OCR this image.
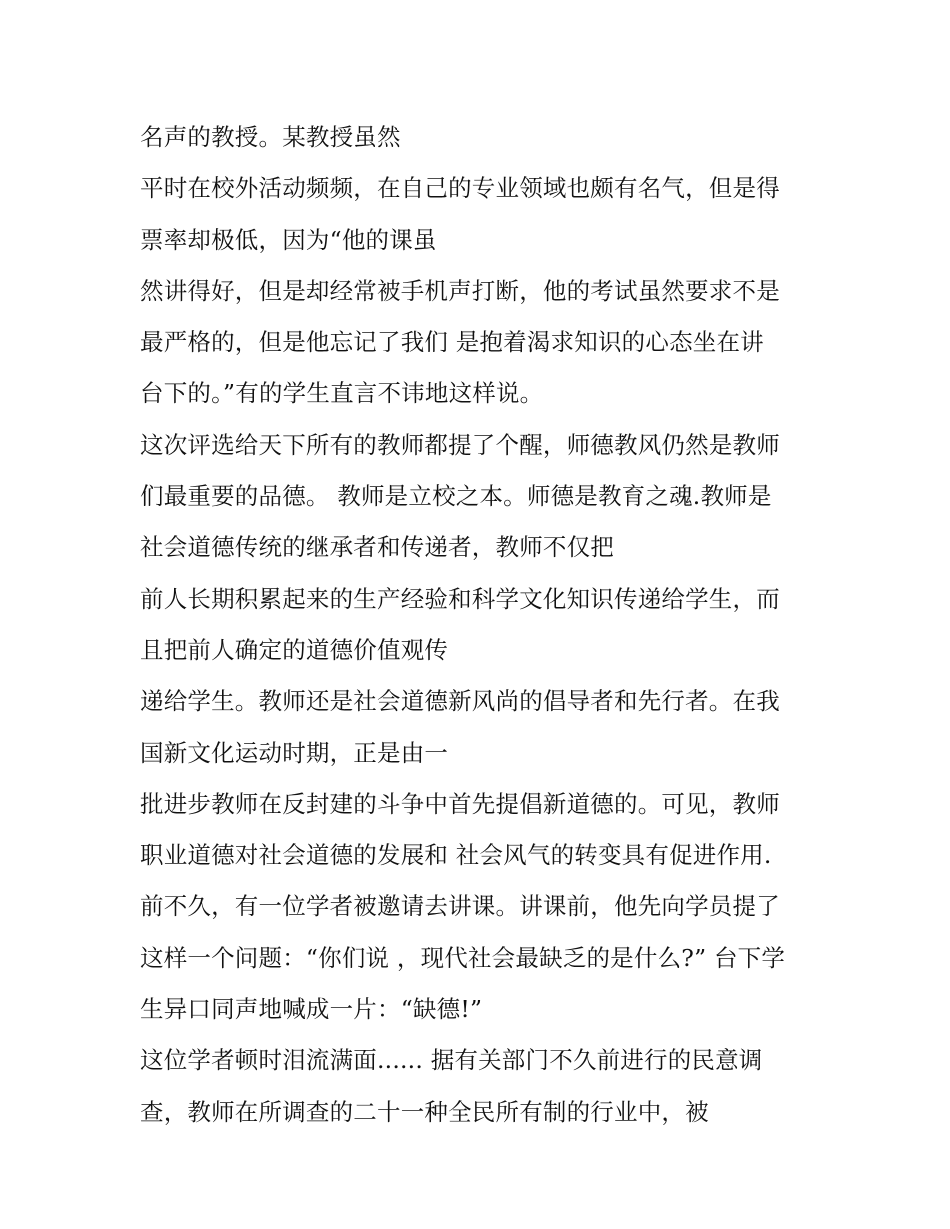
名声的教授。某教授虽然
平时在校外活动频频，在自己的专业领域也颇有名气，但是得
票率却极低，因为“他的课虽
然讲得好，但是却经常被手机声打断，他的考试虽然要求不是
最严格的，但是他忘记了我们 是抱着渴求知识的心态坐在讲
台下的。”有的学生直言不讳地这样说。
这次评选给天下所有的教师都提了个醒，师德教风仍然是教师
们最重要的品德。 教师是立校之本。师德是教育之魂.教师是
社会道德传统的继承者和传递者，教师不仅把
前人长期积累起来的生产经验和科学文化知识传递给学生，而
且把前人确定的道德价值观传
递给学生。教师还是社会道德新风尚的倡导者和先行者。在我
国新文化运动时期，正是由一
批进步教师在反封建的斗争中首先提倡新道德的。可见，教师
职业道德对社会道德的发展和 社会风气的转变具有促进作用.
前不久，有一位学者被邀请去讲课。讲课前，他先向学员提了
这样一个问题：“你们说 ，现代社会最缺乏的是什么?” 台下学
生异口同声地喊成一片：“缺德!”
这位学者顿时泪流满面...... 据有关部门不久前进行的民意调
查，教师在所调查的二十一种全民所有制的行业中，被
